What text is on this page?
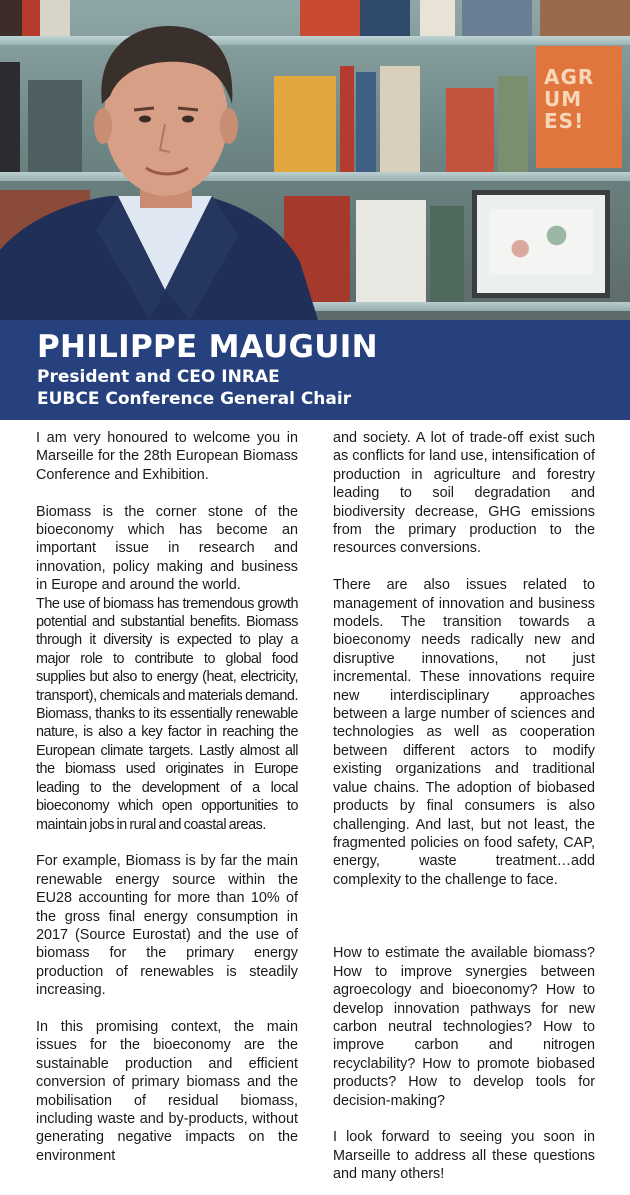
AGR UM ES!

PHILIPPE MAUGUIN

President and CEO INRAE

EUBCE Conference General Chair

I am very honoured to welcome you in Marseille for the 28th European Biomass Conference and Exhibition.

Biomass is the corner stone of the bioeconomy which has become an important issue in research and innovation, policy making and business in Europe and around the world.

The use of biomass has tremendous growth potential and substantial benefits. Biomass through it diversity is expected to play a major role to contribute to global food supplies but also to energy (heat, electricity, transport), chemicals and materials demand. Biomass, thanks to its essentially renewable nature, is also a key factor in reaching the European climate targets. Lastly almost all the biomass used originates in Europe leading to the development of a local bioeconomy which open opportunities to maintain jobs in rural and coastal areas.

For example, Biomass is by far the main renewable energy source within the EU28 accounting for more than 10% of the gross final energy consumption in 2017 (Source Eurostat) and the use of biomass for the primary energy production of renewables is steadily increasing.

In this promising context, the main issues for the bioeconomy are the sustainable production and efficient conversion of primary biomass and the mobilisation of residual biomass, including waste and by-products, without generating negative impacts on the environment

and society. A lot of trade-off exist such as conflicts for land use, intensification of production in agriculture and forestry leading to soil degradation and biodiversity decrease, GHG emissions from the primary production to the resources conversions.

There are also issues related to management of innovation and business models. The transition towards a bioeconomy needs radically new and disruptive innovations, not just incremental. These innovations require new interdisciplinary approaches between a large number of sciences and technologies as well as cooperation between different actors to modify existing organizations and traditional value chains. The adoption of biobased products by final consumers is also challenging. And last, but not least, the fragmented policies on food safety, CAP, energy, waste treatment…add complexity to the challenge to face.

How to estimate the available biomass? How to improve synergies between agroecology and bioeconomy? How to develop innovation pathways for new carbon neutral technologies? How to improve carbon and nitrogen recyclability? How to promote biobased products? How to develop tools for decision-making?

I look forward to seeing you soon in Marseille to address all these questions and many others!
